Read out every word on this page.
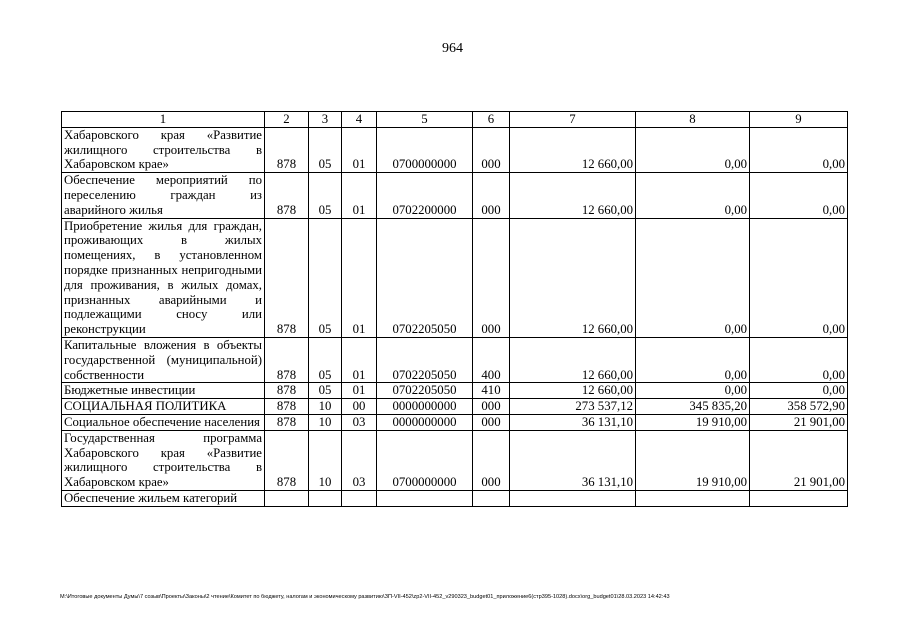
964
1	2	3	4	5	6	7	8	9
Хабаровского края «Развитие жилищного строительства в Хабаровском крае»	878	05	01	0700000000	000	12 660,00	0,00	0,00
Обеспечение мероприятий по переселению граждан из аварийного жилья	878	05	01	0702200000	000	12 660,00	0,00	0,00
Приобретение жилья для граждан, проживающих в жилых помещениях, в установленном порядке признанных непригодными для проживания, в жилых домах, признанных аварийными и подлежащими сносу или реконструкции	878	05	01	0702205050	000	12 660,00	0,00	0,00
Капитальные вложения в объекты государственной (муниципальной) собственности	878	05	01	0702205050	400	12 660,00	0,00	0,00
Бюджетные инвестиции	878	05	01	0702205050	410	12 660,00	0,00	0,00
СОЦИАЛЬНАЯ ПОЛИТИКА	878	10	00	0000000000	000	273 537,12	345 835,20	358 572,90
Социальное обеспечение населения	878	10	03	0000000000	000	36 131,10	19 910,00	21 901,00
Государственная программа Хабаровского края «Развитие жилищного строительства в Хабаровском крае»	878	10	03	0700000000	000	36 131,10	19 910,00	21 901,00
Обеспечение жильем категорий								
M:\Итоговые документы Думы\7 созыв\Проекты\Законы\2 чтение\Комитет по бюджету, налогам и экономическому развитию\ЗП-VII-452\zp2-VII-452_v290323_budget01_приложение6(стр395-1028).docx\org_budget01\28.03.2023 14:42:43
